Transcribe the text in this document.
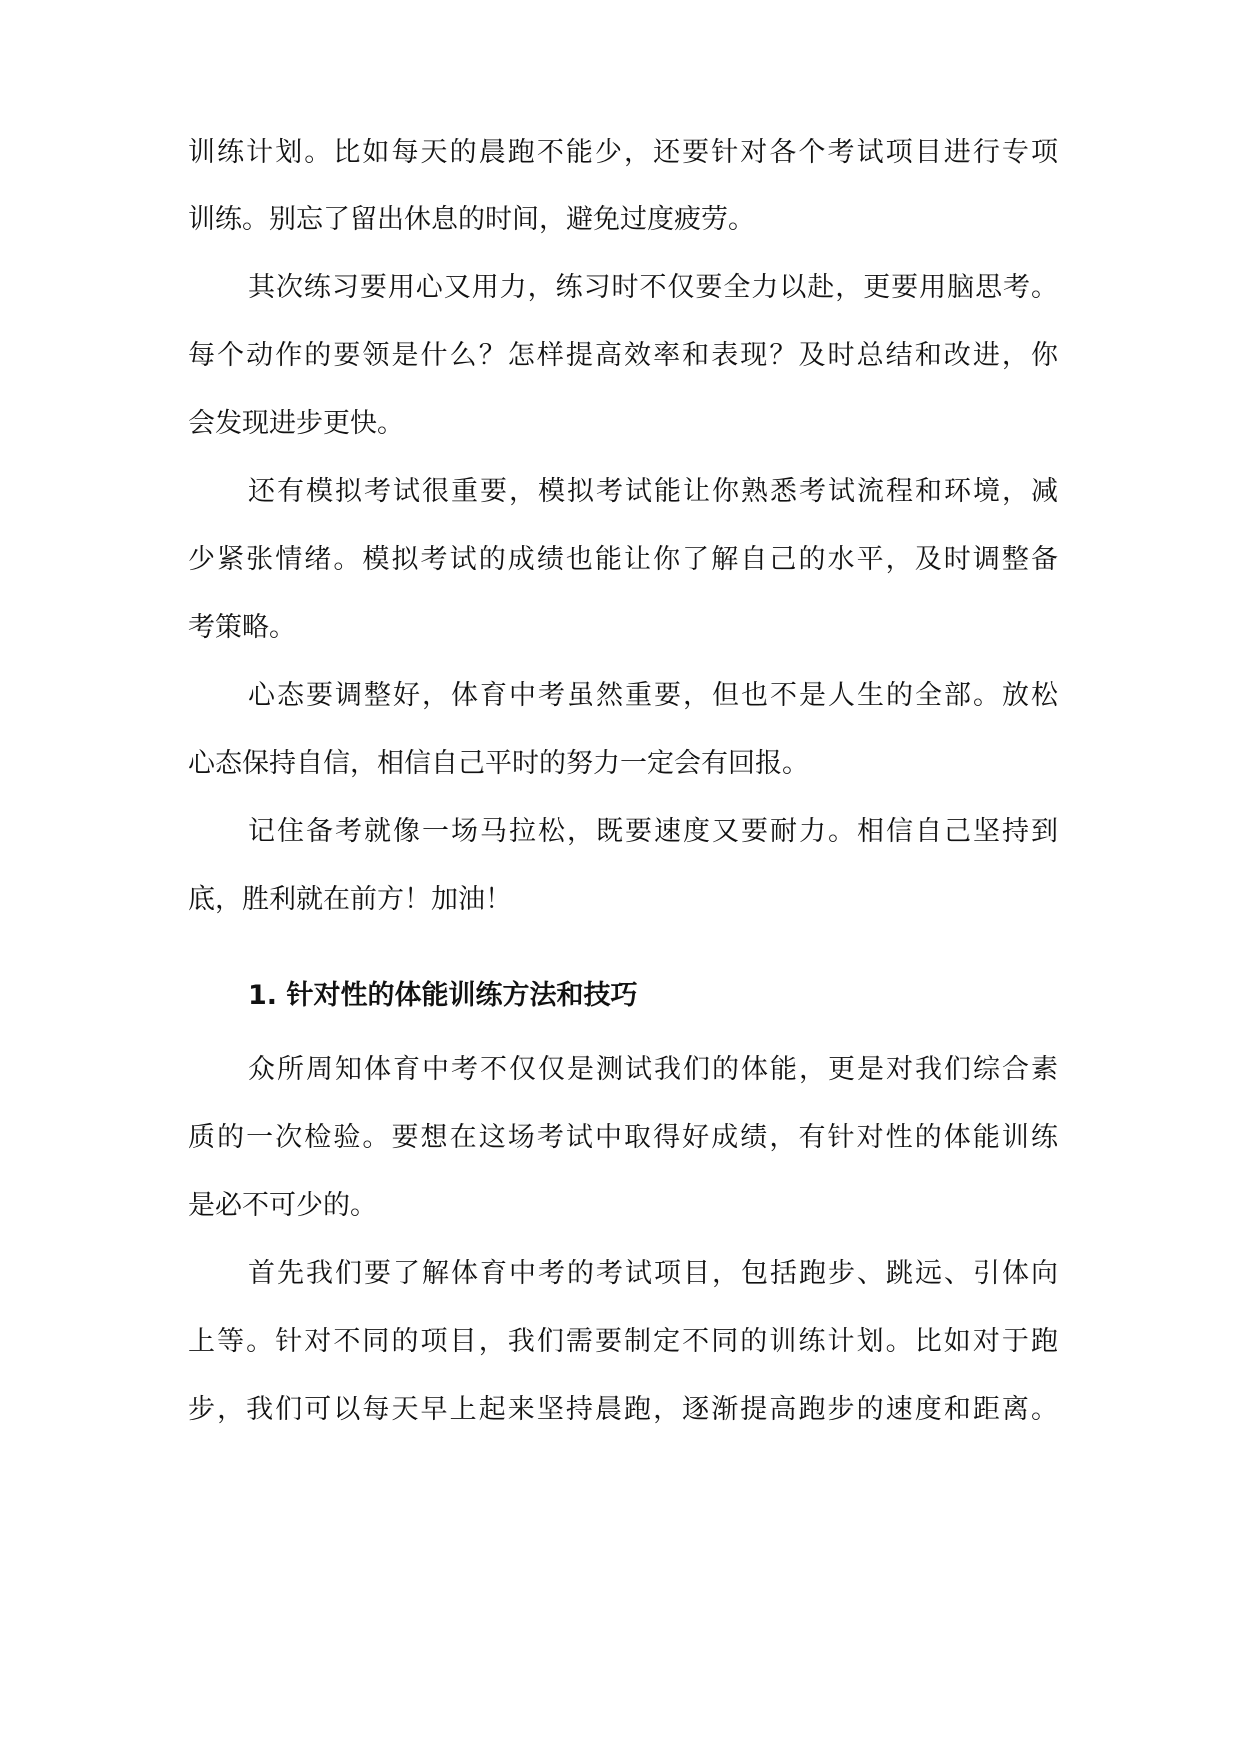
训练计划。比如每天的晨跑不能少，还要针对各个考试项目进行专项
训练。别忘了留出休息的时间，避免过度疲劳。
其次练习要用心又用力，练习时不仅要全力以赴，更要用脑思考。
每个动作的要领是什么？怎样提高效率和表现？及时总结和改进，你
会发现进步更快。
还有模拟考试很重要，模拟考试能让你熟悉考试流程和环境，减
少紧张情绪。模拟考试的成绩也能让你了解自己的水平，及时调整备
考策略。
心态要调整好，体育中考虽然重要，但也不是人生的全部。放松
心态保持自信，相信自己平时的努力一定会有回报。
记住备考就像一场马拉松，既要速度又要耐力。相信自己坚持到
底，胜利就在前方！加油！
1. 针对性的体能训练方法和技巧
众所周知体育中考不仅仅是测试我们的体能，更是对我们综合素
质的一次检验。要想在这场考试中取得好成绩，有针对性的体能训练
是必不可少的。
首先我们要了解体育中考的考试项目，包括跑步、跳远、引体向
上等。针对不同的项目，我们需要制定不同的训练计划。比如对于跑
步，我们可以每天早上起来坚持晨跑，逐渐提高跑步的速度和距离。
